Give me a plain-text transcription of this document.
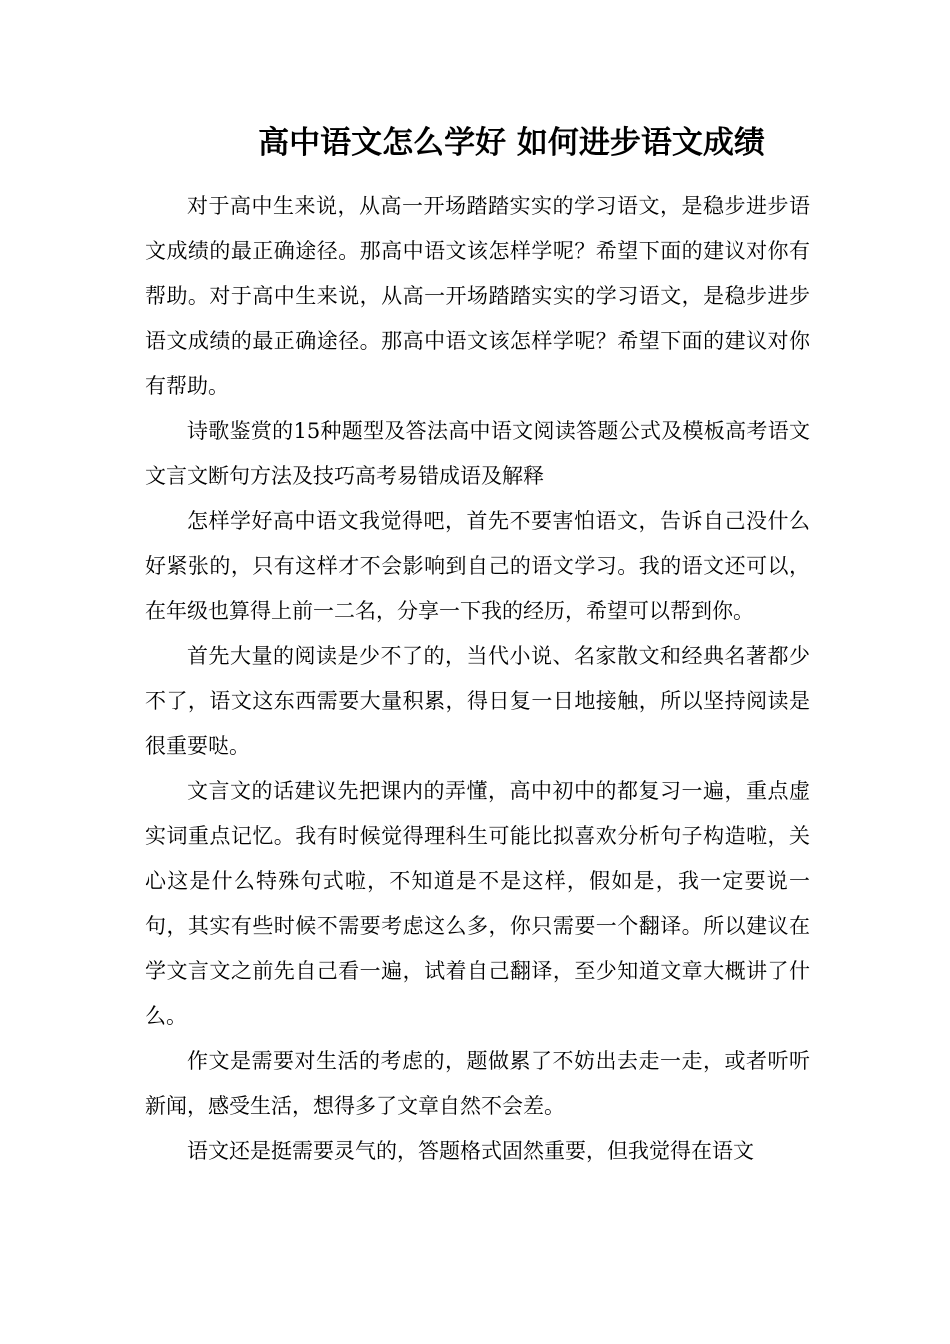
高中语文怎么学好 如何进步语文成绩

对于高中生来说，从高一开场踏踏实实的学习语文，是稳步进步语文成绩的最正确途径。那高中语文该怎样学呢？希望下面的建议对你有帮助。对于高中生来说，从高一开场踏踏实实的学习语文，是稳步进步语文成绩的最正确途径。那高中语文该怎样学呢？希望下面的建议对你有帮助。

诗歌鉴赏的15种题型及答法高中语文阅读答题公式及模板高考语文文言文断句方法及技巧高考易错成语及解释

怎样学好高中语文我觉得吧，首先不要害怕语文，告诉自己没什么好紧张的，只有这样才不会影响到自己的语文学习。我的语文还可以，在年级也算得上前一二名，分享一下我的经历，希望可以帮到你。

首先大量的阅读是少不了的，当代小说、名家散文和经典名著都少不了，语文这东西需要大量积累，得日复一日地接触，所以坚持阅读是很重要哒。

文言文的话建议先把课内的弄懂，高中初中的都复习一遍，重点虚实词重点记忆。我有时候觉得理科生可能比拟喜欢分析句子构造啦，关心这是什么特殊句式啦，不知道是不是这样，假如是，我一定要说一句，其实有些时候不需要考虑这么多，你只需要一个翻译。所以建议在学文言文之前先自己看一遍，试着自己翻译，至少知道文章大概讲了什么。

作文是需要对生活的考虑的，题做累了不妨出去走一走，或者听听新闻，感受生活，想得多了文章自然不会差。

语文还是挺需要灵气的，答题格式固然重要，但我觉得在语文
